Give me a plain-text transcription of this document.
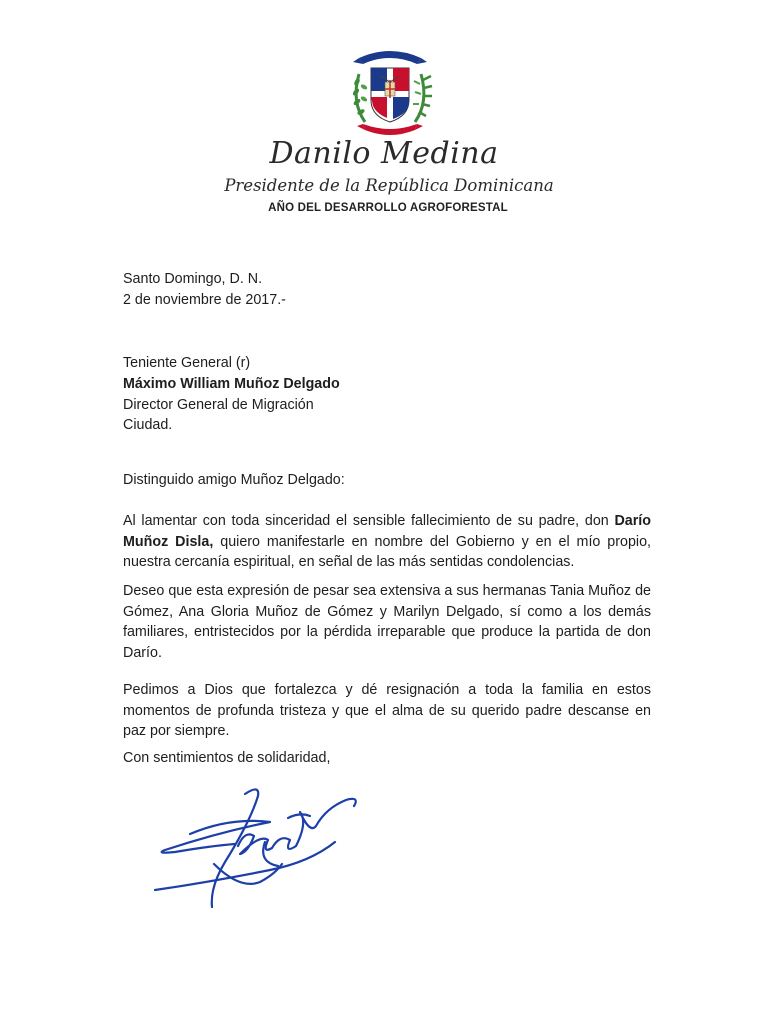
Danilo Medina
Presidente de la República Dominicana
AÑO DEL DESARROLLO AGROFORESTAL
Santo Domingo, D. N.
2 de noviembre de 2017.-
Teniente General (r)
Máximo William Muñoz Delgado
Director General de Migración
Ciudad.
Distinguido amigo Muñoz Delgado:
Al lamentar con toda sinceridad el sensible fallecimiento de su padre, don Darío Muñoz Disla, quiero manifestarle en nombre del Gobierno y en el mío propio, nuestra cercanía espiritual, en señal de las más sentidas condolencias.
Deseo que esta expresión de pesar sea extensiva a sus hermanas Tania Muñoz de Gómez, Ana Gloria Muñoz de Gómez y Marilyn Delgado, sí como a los demás familiares, entristecidos por la pérdida irreparable que produce la partida de don Darío.
Pedimos a Dios que fortalezca y dé resignación a toda la familia en estos momentos de profunda tristeza y que el alma de su querido padre descanse en paz por siempre.
Con sentimientos de solidaridad,
